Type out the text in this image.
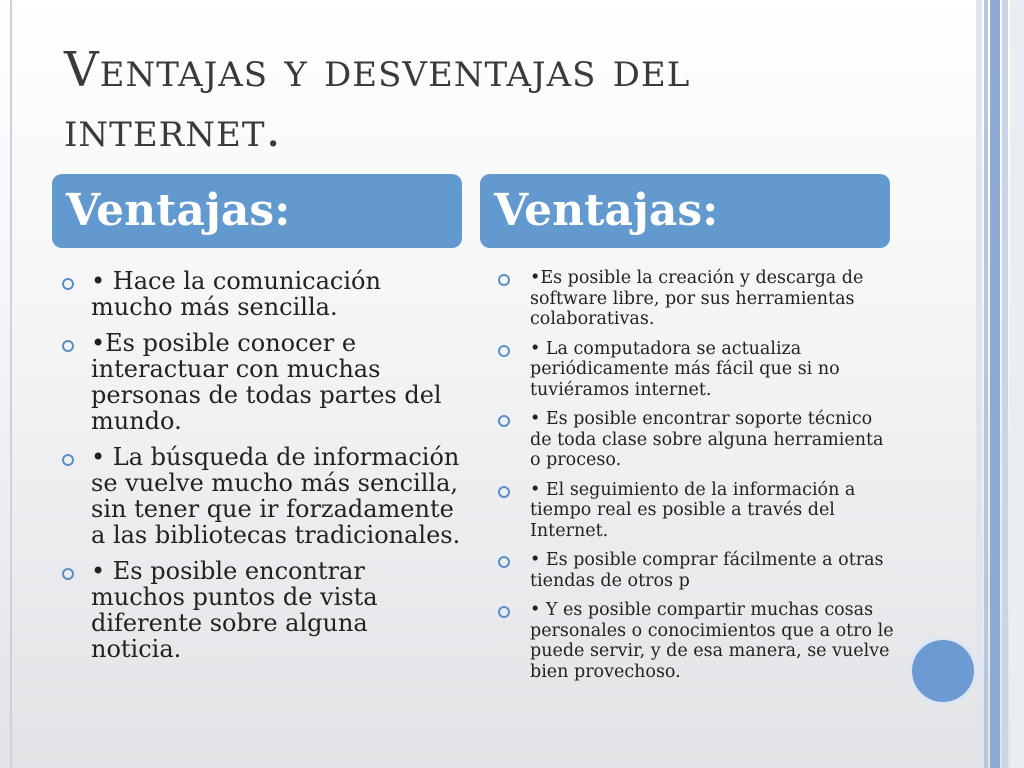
Ventajas y desventajas del internet.
Ventajas:	Ventajas:
• Hace la comunicación mucho más sencilla.
•Es posible conocer e interactuar con muchas personas de todas partes del mundo.
• La búsqueda de información se vuelve mucho más sencilla, sin tener que ir forzadamente a las bibliotecas tradicionales.
• Es posible encontrar muchos puntos de vista diferente sobre alguna noticia.
•Es posible la creación y descarga de software libre, por sus herramientas colaborativas.
• La computadora se actualiza periódicamente más fácil que si no tuviéramos internet.
• Es posible encontrar soporte técnico de toda clase sobre alguna herramienta o proceso.
• El seguimiento de la información a tiempo real es posible a través del Internet.
• Es posible comprar fácilmente a otras tiendas de otros p
• Y es posible compartir muchas cosas personales o conocimientos que a otro le puede servir, y de esa manera, se vuelve bien provechoso.
